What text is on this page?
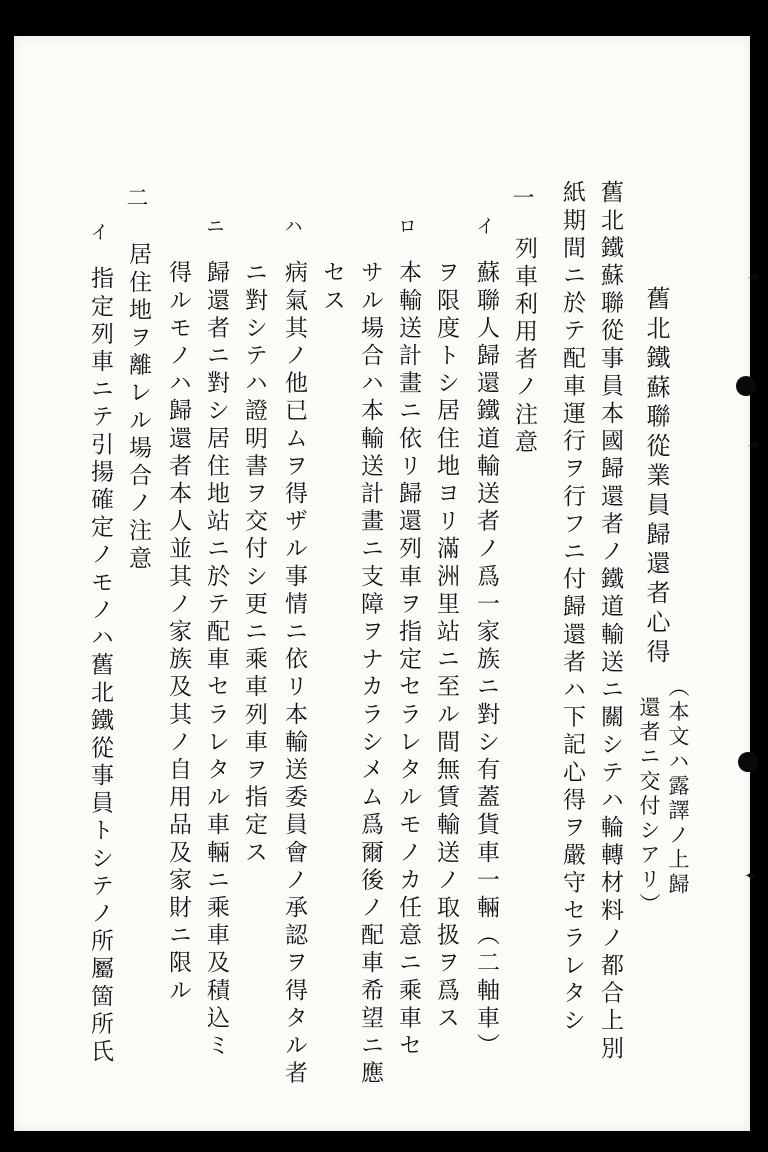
✦
✦
✦
舊北鐵蘇聯從業員歸還者心得
（本文ハ露譯ノ上歸
還者ニ交付シアリ）
舊北鐵蘇聯從事員本國歸還者ノ鐵道輸送ニ關シテハ輪轉材料ノ都合上別
紙期間ニ於テ配車運行ヲ行フニ付歸還者ハ下記心得ヲ嚴守セラレタシ
一
列車利用者ノ注意
イ
蘇聯人歸還鐵道輸送者ノ爲一家族ニ對シ有蓋貨車一輛（二軸車）
ヲ限度トシ居住地ヨリ滿洲里站ニ至ル間無賃輸送ノ取扱ヲ爲ス
ロ
本輸送計畫ニ依リ歸還列車ヲ指定セラレタルモノカ任意ニ乘車セ
サル場合ハ本輸送計畫ニ支障ヲナカラシメム爲爾後ノ配車希望ニ應
セス
ハ
病氣其ノ他已ムヲ得ザル事情ニ依リ本輸送委員會ノ承認ヲ得タル者
ニ對シテハ證明書ヲ交付シ更ニ乘車列車ヲ指定ス
ニ
歸還者ニ對シ居住地站ニ於テ配車セラレタル車輛ニ乘車及積込ミ
得ルモノハ歸還者本人並其ノ家族及其ノ自用品及家財ニ限ル
二
居住地ヲ離レル場合ノ注意
イ
指定列車ニテ引揚確定ノモノハ舊北鐵從事員トシテノ所屬箇所氏
